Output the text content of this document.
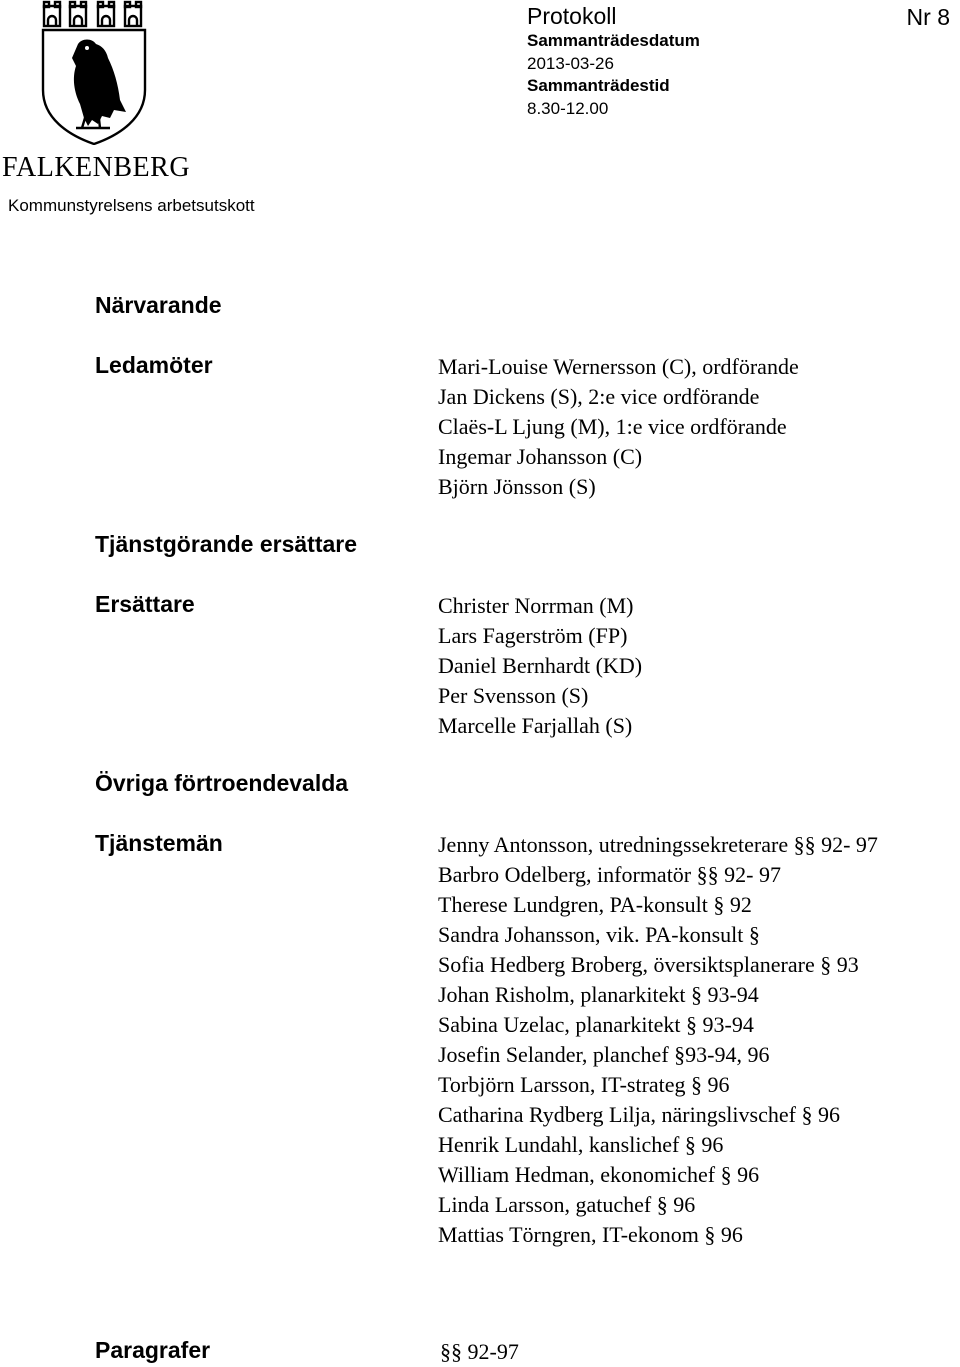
FALKENBERG
Kommunstyrelsens arbetsutskott
Protokoll
Sammanträdesdatum
2013-03-26
Sammanträdestid
8.30-12.00
Nr 8
Närvarande
Ledamöter	Mari-Louise Wernersson (C), ordförande
Jan Dickens (S), 2:e vice ordförande
Claës-L Ljung (M), 1:e vice ordförande
Ingemar Johansson (C)
Björn Jönsson (S)
Tjänstgörande ersättare
Ersättare	Christer Norrman (M)
Lars Fagerström (FP)
Daniel Bernhardt (KD)
Per Svensson (S)
Marcelle Farjallah (S)
Övriga förtroendevalda
Tjänstemän	Jenny Antonsson, utredningssekreterare §§ 92- 97
Barbro Odelberg, informatör §§ 92- 97
Therese Lundgren, PA-konsult § 92
Sandra Johansson, vik. PA-konsult §
Sofia Hedberg Broberg, översiktsplanerare § 93
Johan Risholm, planarkitekt § 93-94
Sabina Uzelac, planarkitekt § 93-94
Josefin Selander, planchef §93-94, 96
Torbjörn Larsson, IT-strateg § 96
Catharina Rydberg Lilja, näringslivschef § 96
Henrik Lundahl, kanslichef § 96
William Hedman, ekonomichef § 96
Linda Larsson, gatuchef § 96
Mattias Törngren, IT-ekonom § 96
Paragrafer	§§ 92-97
